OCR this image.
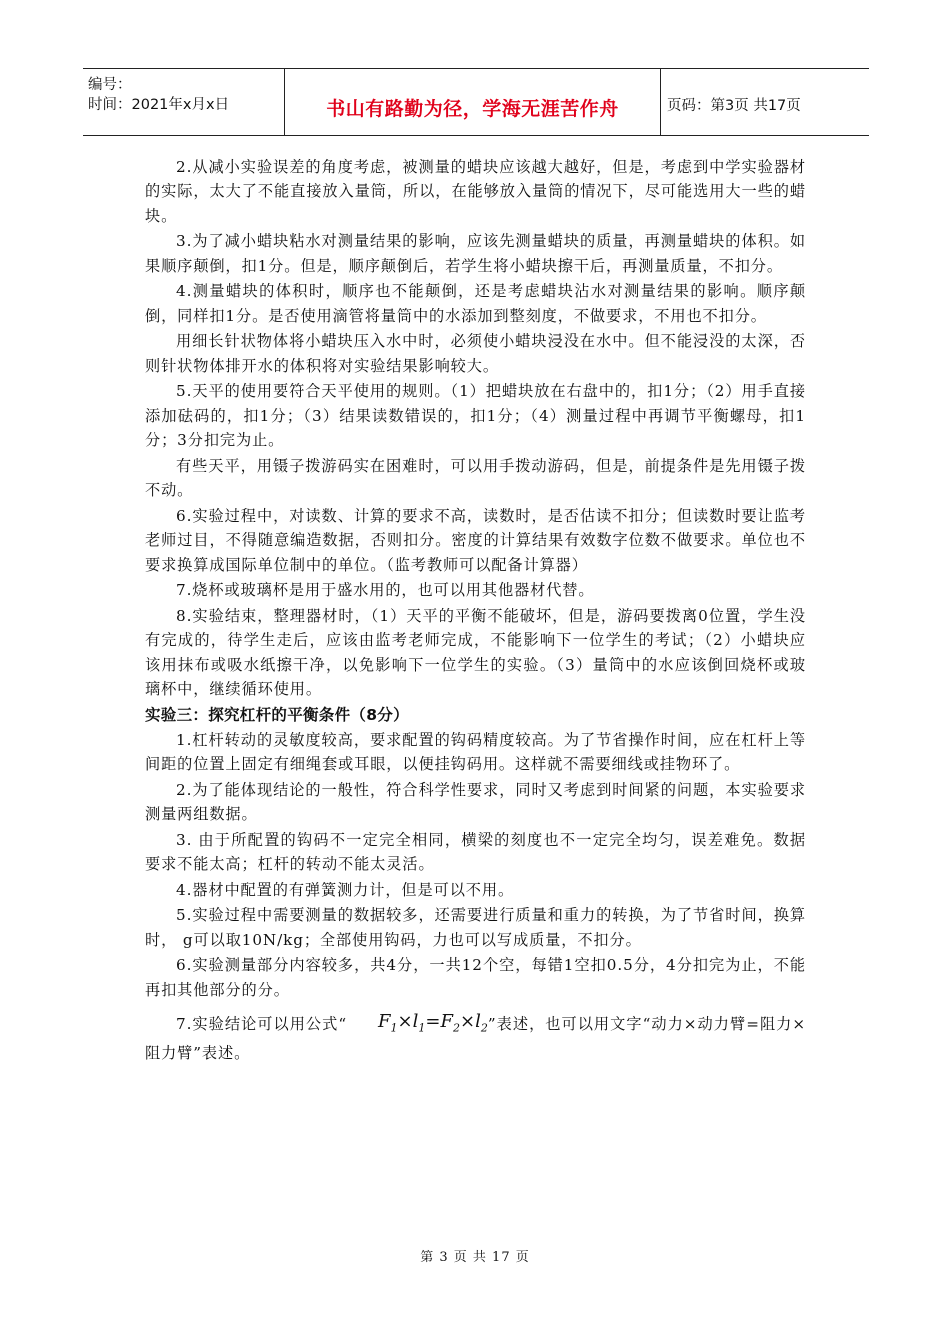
编号：
时间：2021年x月x日	书山有路勤为径，学海无涯苦作舟	页码：第3页 共17页

2.从减小实验误差的角度考虑，被测量的蜡块应该越大越好，但是，考虑到中学实验器材的实际，太大了不能直接放入量筒，所以，在能够放入量筒的情况下，尽可能选用大一些的蜡块。

3.为了减小蜡块粘水对测量结果的影响，应该先测量蜡块的质量，再测量蜡块的体积。如果顺序颠倒，扣1分。但是，顺序颠倒后，若学生将小蜡块擦干后，再测量质量，不扣分。

4.测量蜡块的体积时，顺序也不能颠倒，还是考虑蜡块沾水对测量结果的影响。顺序颠倒，同样扣1分。是否使用滴管将量筒中的水添加到整刻度，不做要求，不用也不扣分。

用细长针状物体将小蜡块压入水中时，必须使小蜡块浸没在水中。但不能浸没的太深，否则针状物体排开水的体积将对实验结果影响较大。

5.天平的使用要符合天平使用的规则。（1）把蜡块放在右盘中的，扣1分；（2）用手直接添加砝码的，扣1分；（3）结果读数错误的，扣1分；（4）测量过程中再调节平衡螺母，扣1分；3分扣完为止。

有些天平，用镊子拨游码实在困难时，可以用手拨动游码，但是，前提条件是先用镊子拨不动。

6.实验过程中，对读数、计算的要求不高，读数时，是否估读不扣分；但读数时要让监考老师过目，不得随意编造数据，否则扣分。密度的计算结果有效数字位数不做要求。单位也不要求换算成国际单位制中的单位。（监考教师可以配备计算器）

7.烧杯或玻璃杯是用于盛水用的，也可以用其他器材代替。

8.实验结束，整理器材时，（1）天平的平衡不能破坏，但是，游码要拨离0位置，学生没有完成的，待学生走后，应该由监考老师完成，不能影响下一位学生的考试；（2）小蜡块应该用抹布或吸水纸擦干净，以免影响下一位学生的实验。（3）量筒中的水应该倒回烧杯或玻璃杯中，继续循环使用。

实验三：探究杠杆的平衡条件（8分）

1.杠杆转动的灵敏度较高，要求配置的钩码精度较高。为了节省操作时间，应在杠杆上等间距的位置上固定有细绳套或耳眼，以便挂钩码用。这样就不需要细线或挂物环了。

2.为了能体现结论的一般性，符合科学性要求，同时又考虑到时间紧的问题，本实验要求测量两组数据。

3. 由于所配置的钩码不一定完全相同，横梁的刻度也不一定完全均匀，误差难免。数据要求不能太高；杠杆的转动不能太灵活。

4.器材中配置的有弹簧测力计，但是可以不用。

5.实验过程中需要测量的数据较多，还需要进行质量和重力的转换，为了节省时间，换算时， g可以取10N/kg；全部使用钩码，力也可以写成质量，不扣分。

6.实验测量部分内容较多，共4分，一共12个空，每错1空扣0.5分，4分扣完为止，不能再扣其他部分的分。

7.实验结论可以用公式“ $F_1\times l_1=F_2\times l_2$”表述，也可以用文字“动力×动力臂=阻力×阻力臂”表述。

第 3 页 共 17 页
